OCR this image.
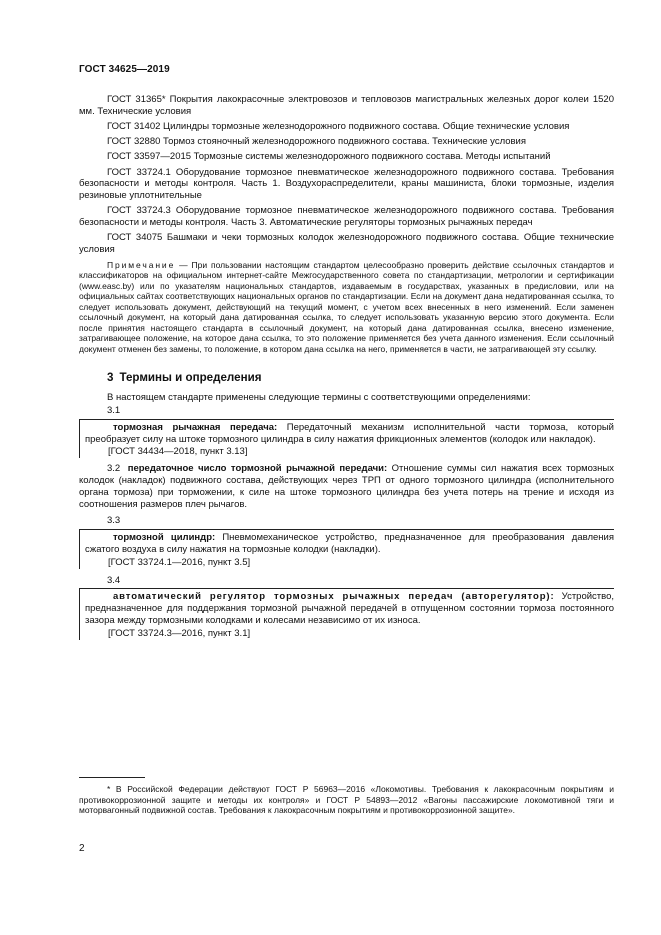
ГОСТ 34625—2019

ГОСТ 31365* Покрытия лакокрасочные электровозов и тепловозов магистральных железных дорог колеи 1520 мм. Технические условия

ГОСТ 31402 Цилиндры тормозные железнодорожного подвижного состава. Общие технические условия

ГОСТ 32880 Тормоз стояночный железнодорожного подвижного состава. Технические условия

ГОСТ 33597—2015 Тормозные системы железнодорожного подвижного состава. Методы испытаний

ГОСТ 33724.1 Оборудование тормозное пневматическое железнодорожного подвижного состава. Требования безопасности и методы контроля. Часть 1. Воздухораспределители, краны машиниста, блоки тормозные, изделия резиновые уплотнительные

ГОСТ 33724.3 Оборудование тормозное пневматическое железнодорожного подвижного состава. Требования безопасности и методы контроля. Часть 3. Автоматические регуляторы тормозных рычажных передач

ГОСТ 34075 Башмаки и чеки тормозных колодок железнодорожного подвижного состава. Общие технические условия

Примечание — При пользовании настоящим стандартом целесообразно проверить действие ссылочных стандартов и классификаторов на официальном интернет-сайте Межгосударственного совета по стандартизации, метрологии и сертификации (www.easc.by) или по указателям национальных стандартов, издаваемым в государствах, указанных в предисловии, или на официальных сайтах соответствующих национальных органов по стандартизации. Если на документ дана недатированная ссылка, то следует использовать документ, действующий на текущий момент, с учетом всех внесенных в него изменений. Если заменен ссылочный документ, на который дана датированная ссылка, то следует использовать указанную версию этого документа. Если после принятия настоящего стандарта в ссылочный документ, на который дана датированная ссылка, внесено изменение, затрагивающее положение, на которое дана ссылка, то это положение применяется без учета данного изменения. Если ссылочный документ отменен без замены, то положение, в котором дана ссылка на него, применяется в части, не затрагивающей эту ссылку.

3 Термины и определения

В настоящем стандарте применены следующие термины с соответствующими определениями:

3.1
тормозная рычажная передача: Передаточный механизм исполнительной части тормоза, который преобразует силу на штоке тормозного цилиндра в силу нажатия фрикционных элементов (колодок или накладок).
[ГОСТ 34434—2018, пункт 3.13]
3.2 передаточное число тормозной рычажной передачи: Отношение суммы сил нажатия всех тормозных колодок (накладок) подвижного состава, действующих через ТРП от одного тормозного цилиндра (исполнительного органа тормоза) при торможении, к силе на штоке тормозного цилиндра без учета потерь на трение и исходя из соотношения размеров плеч рычагов.
3.3
тормозной цилиндр: Пневмомеханическое устройство, предназначенное для преобразования давления сжатого воздуха в силу нажатия на тормозные колодки (накладки).
[ГОСТ 33724.1—2016, пункт 3.5]
3.4
автоматический регулятор тормозных рычажных передач (авторегулятор): Устройство, предназначенное для поддержания тормозной рычажной передачей в отпущенном состоянии тормоза постоянного зазора между тормозными колодками и колесами независимо от их износа.
[ГОСТ 33724.3—2016, пункт 3.1]
* В Российской Федерации действуют ГОСТ Р 56963—2016 «Локомотивы. Требования к лакокрасочным покрытиям и противокоррозионной защите и методы их контроля» и ГОСТ Р 54893—2012 «Вагоны пассажирские локомотивной тяги и моторвагонный подвижной состав. Требования к лакокрасочным покрытиям и противокоррозионной защите».
2
